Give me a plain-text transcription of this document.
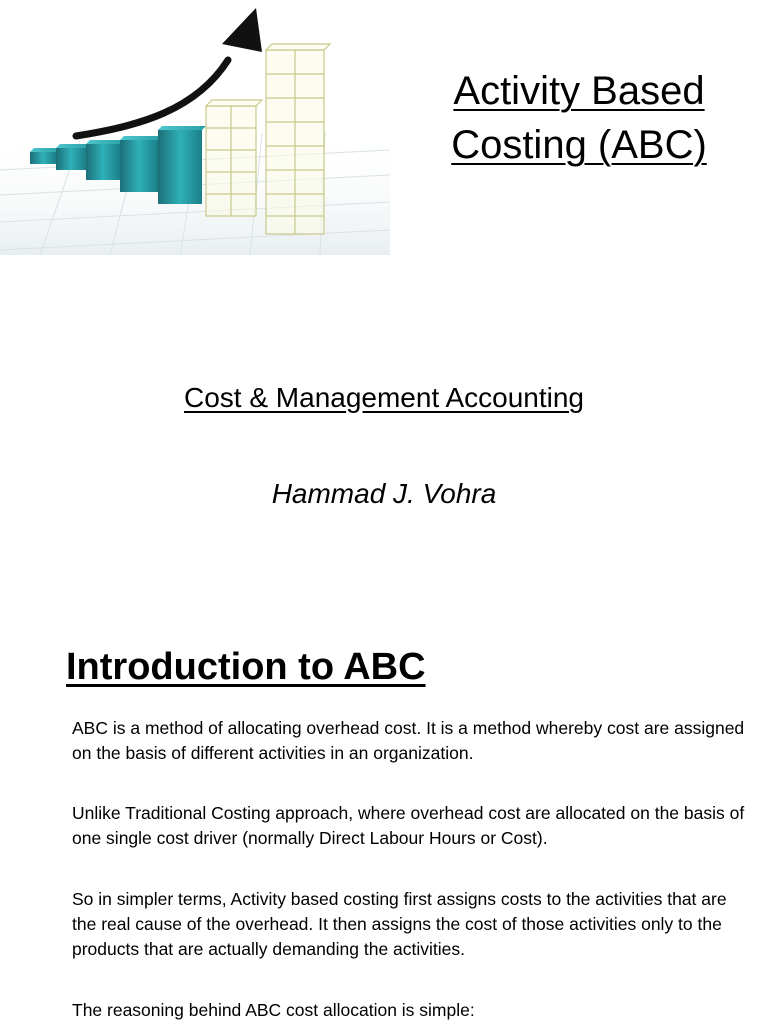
Activity Based
Costing (ABC)
Cost & Management Accounting
Hammad J. Vohra
Introduction to ABC

ABC is a method of allocating overhead cost. It is a method whereby cost are assigned on the basis of different activities in an organization.

Unlike Traditional Costing approach, where overhead cost are allocated on the basis of one single cost driver (normally Direct Labour Hours or Cost).

So in simpler terms, Activity based costing first assigns costs to the activities that are the real cause of the overhead. It then assigns the cost of those activities only to the products that are actually demanding the activities.

The reasoning behind ABC cost allocation is simple:
